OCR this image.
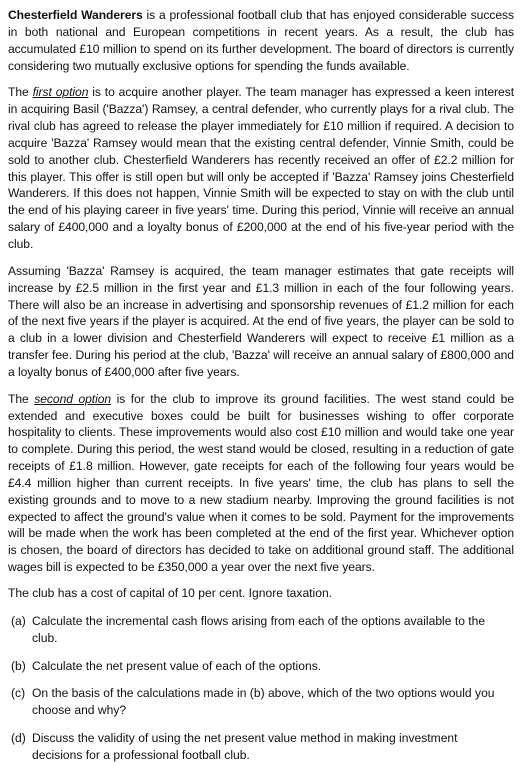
Chesterfield Wanderers is a professional football club that has enjoyed considerable success in both national and European competitions in recent years. As a result, the club has accumulated £10 million to spend on its further development. The board of directors is currently considering two mutually exclusive options for spending the funds available.

The first option is to acquire another player. The team manager has expressed a keen interest in acquiring Basil ('Bazza') Ramsey, a central defender, who currently plays for a rival club. The rival club has agreed to release the player immediately for £10 million if required. A decision to acquire 'Bazza' Ramsey would mean that the existing central defender, Vinnie Smith, could be sold to another club. Chesterfield Wanderers has recently received an offer of £2.2 million for this player. This offer is still open but will only be accepted if 'Bazza' Ramsey joins Chesterfield Wanderers. If this does not happen, Vinnie Smith will be expected to stay on with the club until the end of his playing career in five years' time. During this period, Vinnie will receive an annual salary of £400,000 and a loyalty bonus of £200,000 at the end of his five-year period with the club.

Assuming 'Bazza' Ramsey is acquired, the team manager estimates that gate receipts will increase by £2.5 million in the first year and £1.3 million in each of the four following years. There will also be an increase in advertising and sponsorship revenues of £1.2 million for each of the next five years if the player is acquired. At the end of five years, the player can be sold to a club in a lower division and Chesterfield Wanderers will expect to receive £1 million as a transfer fee. During his period at the club, 'Bazza' will receive an annual salary of £800,000 and a loyalty bonus of £400,000 after five years.

The second option is for the club to improve its ground facilities. The west stand could be extended and executive boxes could be built for businesses wishing to offer corporate hospitality to clients. These improvements would also cost £10 million and would take one year to complete. During this period, the west stand would be closed, resulting in a reduction of gate receipts of £1.8 million. However, gate receipts for each of the following four years would be £4.4 million higher than current receipts. In five years' time, the club has plans to sell the existing grounds and to move to a new stadium nearby. Improving the ground facilities is not expected to affect the ground's value when it comes to be sold. Payment for the improvements will be made when the work has been completed at the end of the first year. Whichever option is chosen, the board of directors has decided to take on additional ground staff. The additional wages bill is expected to be £350,000 a year over the next five years.

The club has a cost of capital of 10 per cent. Ignore taxation.

(a) Calculate the incremental cash flows arising from each of the options available to the club.
(b) Calculate the net present value of each of the options.
(c) On the basis of the calculations made in (b) above, which of the two options would you choose and why?
(d) Discuss the validity of using the net present value method in making investment decisions for a professional football club.
